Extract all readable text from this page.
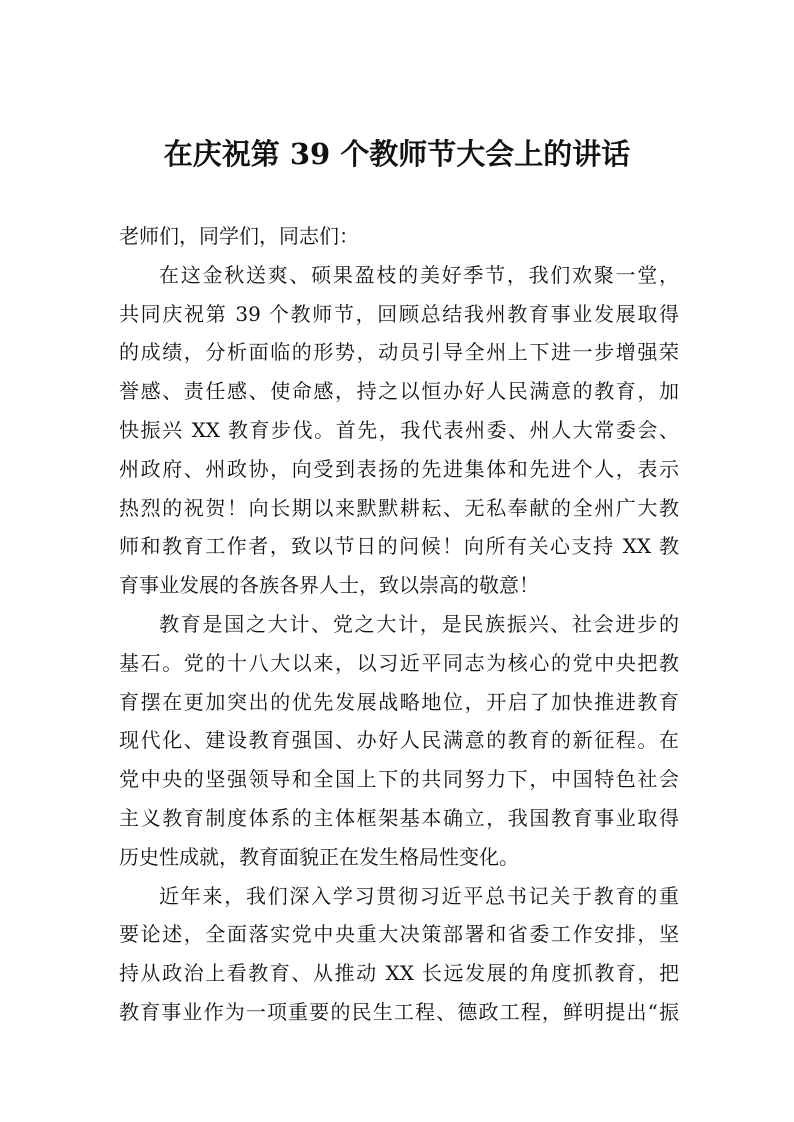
在庆祝第 39 个教师节大会上的讲话
老师们，同学们，同志们：
在这金秋送爽、硕果盈枝的美好季节，我们欢聚一堂，
共同庆祝第 39 个教师节，回顾总结我州教育事业发展取得
的成绩，分析面临的形势，动员引导全州上下进一步增强荣
誉感、责任感、使命感，持之以恒办好人民满意的教育，加
快振兴 XX 教育步伐。首先，我代表州委、州人大常委会、
州政府、州政协，向受到表扬的先进集体和先进个人，表示
热烈的祝贺！向长期以来默默耕耘、无私奉献的全州广大教
师和教育工作者，致以节日的问候！向所有关心支持 XX 教
育事业发展的各族各界人士，致以崇高的敬意！
教育是国之大计、党之大计，是民族振兴、社会进步的
基石。党的十八大以来，以习近平同志为核心的党中央把教
育摆在更加突出的优先发展战略地位，开启了加快推进教育
现代化、建设教育强国、办好人民满意的教育的新征程。在
党中央的坚强领导和全国上下的共同努力下，中国特色社会
主义教育制度体系的主体框架基本确立，我国教育事业取得
历史性成就，教育面貌正在发生格局性变化。
近年来，我们深入学习贯彻习近平总书记关于教育的重
要论述，全面落实党中央重大决策部署和省委工作安排，坚
持从政治上看教育、从推动 XX 长远发展的角度抓教育，把
教育事业作为一项重要的民生工程、德政工程，鲜明提出“振
